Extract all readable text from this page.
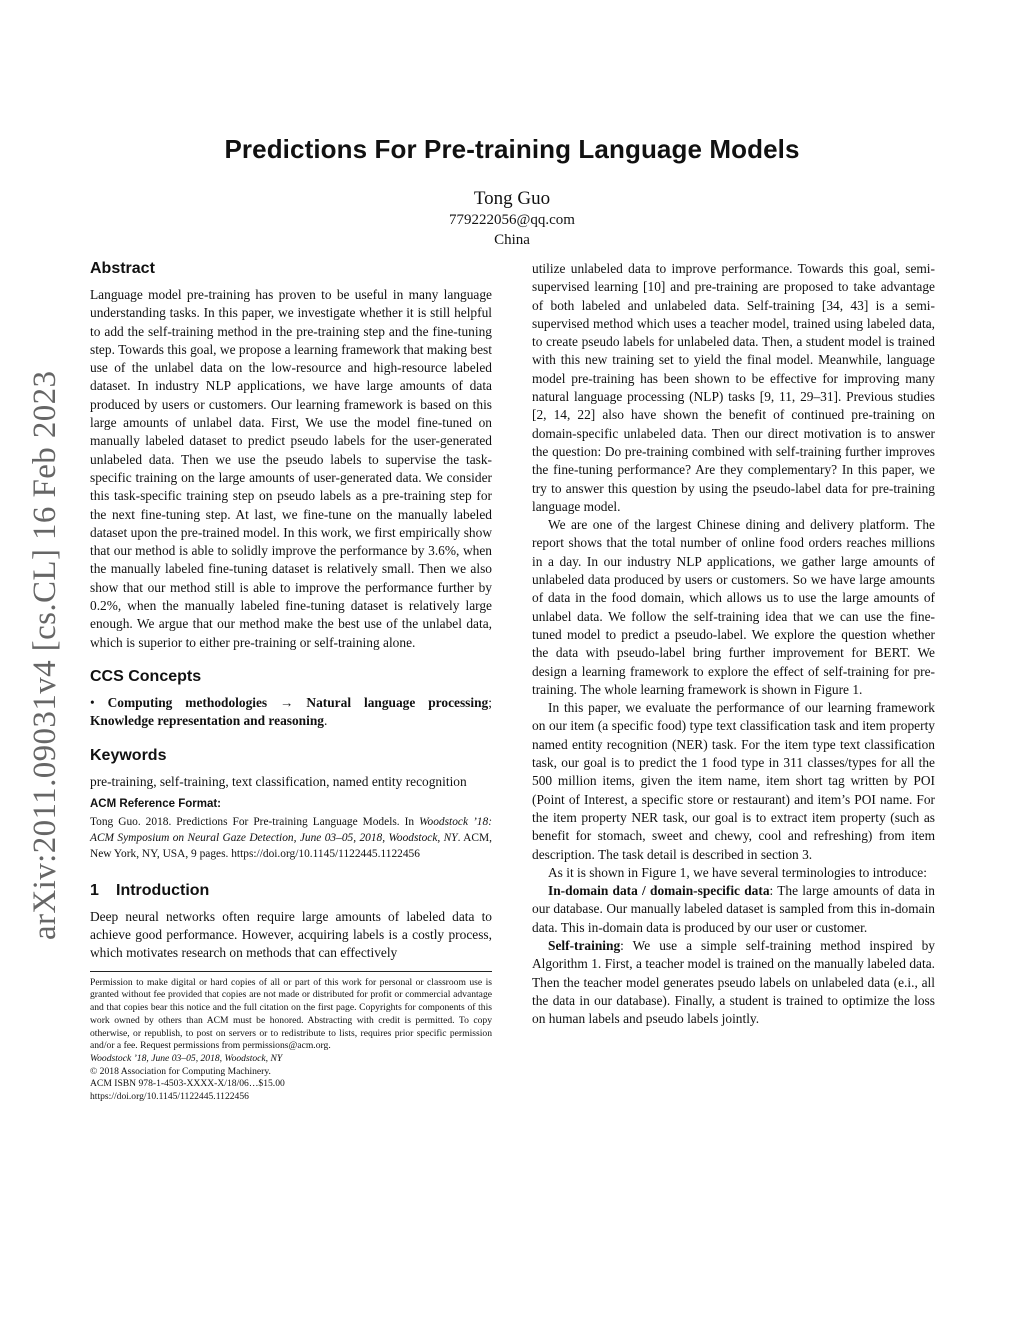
arXiv:2011.09031v4 [cs.CL] 16 Feb 2023
Predictions For Pre-training Language Models
Tong Guo
779222056@qq.com
China
Abstract

Language model pre-training has proven to be useful in many language understanding tasks. In this paper, we investigate whether it is still helpful to add the self-training method in the pre-training step and the fine-tuning step. Towards this goal, we propose a learning framework that making best use of the unlabel data on the low-resource and high-resource labeled dataset. In industry NLP applications, we have large amounts of data produced by users or customers. Our learning framework is based on this large amounts of unlabel data. First, We use the model fine-tuned on manually labeled dataset to predict pseudo labels for the user-generated unlabeled data. Then we use the pseudo labels to supervise the task-specific training on the large amounts of user-generated data. We consider this task-specific training step on pseudo labels as a pre-training step for the next fine-tuning step. At last, we fine-tune on the manually labeled dataset upon the pre-trained model. In this work, we first empirically show that our method is able to solidly improve the performance by 3.6%, when the manually labeled fine-tuning dataset is relatively small. Then we also show that our method still is able to improve the performance further by 0.2%, when the manually labeled fine-tuning dataset is relatively large enough. We argue that our method make the best use of the unlabel data, which is superior to either pre-training or self-training alone.

CCS Concepts

• Computing methodologies → Natural language processing; Knowledge representation and reasoning.

Keywords

pre-training, self-training, text classification, named entity recognition

ACM Reference Format:

Tong Guo. 2018. Predictions For Pre-training Language Models. In Woodstock ’18: ACM Symposium on Neural Gaze Detection, June 03–05, 2018, Woodstock, NY. ACM, New York, NY, USA, 9 pages. https://doi.org/10.1145/1122445.1122456

1 Introduction

Deep neural networks often require large amounts of labeled data to achieve good performance. However, acquiring labels is a costly process, which motivates research on methods that can effectively

Permission to make digital or hard copies of all or part of this work for personal or classroom use is granted without fee provided that copies are not made or distributed for profit or commercial advantage and that copies bear this notice and the full citation on the first page. Copyrights for components of this work owned by others than ACM must be honored. Abstracting with credit is permitted. To copy otherwise, or republish, to post on servers or to redistribute to lists, requires prior specific permission and/or a fee. Request permissions from permissions@acm.org.

Woodstock ’18, June 03–05, 2018, Woodstock, NY

© 2018 Association for Computing Machinery.

ACM ISBN 978-1-4503-XXXX-X/18/06…$15.00

https://doi.org/10.1145/1122445.1122456

utilize unlabeled data to improve performance. Towards this goal, semi-supervised learning [10] and pre-training are proposed to take advantage of both labeled and unlabeled data. Self-training [34, 43] is a semi-supervised method which uses a teacher model, trained using labeled data, to create pseudo labels for unlabeled data. Then, a student model is trained with this new training set to yield the final model. Meanwhile, language model pre-training has been shown to be effective for improving many natural language processing (NLP) tasks [9, 11, 29–31]. Previous studies [2, 14, 22] also have shown the benefit of continued pre-training on domain-specific unlabeled data. Then our direct motivation is to answer the question: Do pre-training combined with self-training further improves the fine-tuning performance? Are they complementary? In this paper, we try to answer this question by using the pseudo-label data for pre-training language model.

We are one of the largest Chinese dining and delivery platform. The report shows that the total number of online food orders reaches millions in a day. In our industry NLP applications, we gather large amounts of unlabeled data produced by users or customers. So we have large amounts of data in the food domain, which allows us to use the large amounts of unlabel data. We follow the self-training idea that we can use the fine-tuned model to predict a pseudo-label. We explore the question whether the data with pseudo-label bring further improvement for BERT. We design a learning framework to explore the effect of self-training for pre-training. The whole learning framework is shown in Figure 1.

In this paper, we evaluate the performance of our learning framework on our item (a specific food) type text classification task and item property named entity recognition (NER) task. For the item type text classification task, our goal is to predict the 1 food type in 311 classes/types for all the 500 million items, given the item name, item short tag written by POI (Point of Interest, a specific store or restaurant) and item’s POI name. For the item property NER task, our goal is to extract item property (such as benefit for stomach, sweet and chewy, cool and refreshing) from item description. The task detail is described in section 3.

As it is shown in Figure 1, we have several terminologies to introduce:

In-domain data / domain-specific data: The large amounts of data in our database. Our manually labeled dataset is sampled from this in-domain data. This in-domain data is produced by our user or customer.

Self-training: We use a simple self-training method inspired by Algorithm 1. First, a teacher model is trained on the manually labeled data. Then the teacher model generates pseudo labels on unlabeled data (e.i., all the data in our database). Finally, a student is trained to optimize the loss on human labels and pseudo labels jointly.
